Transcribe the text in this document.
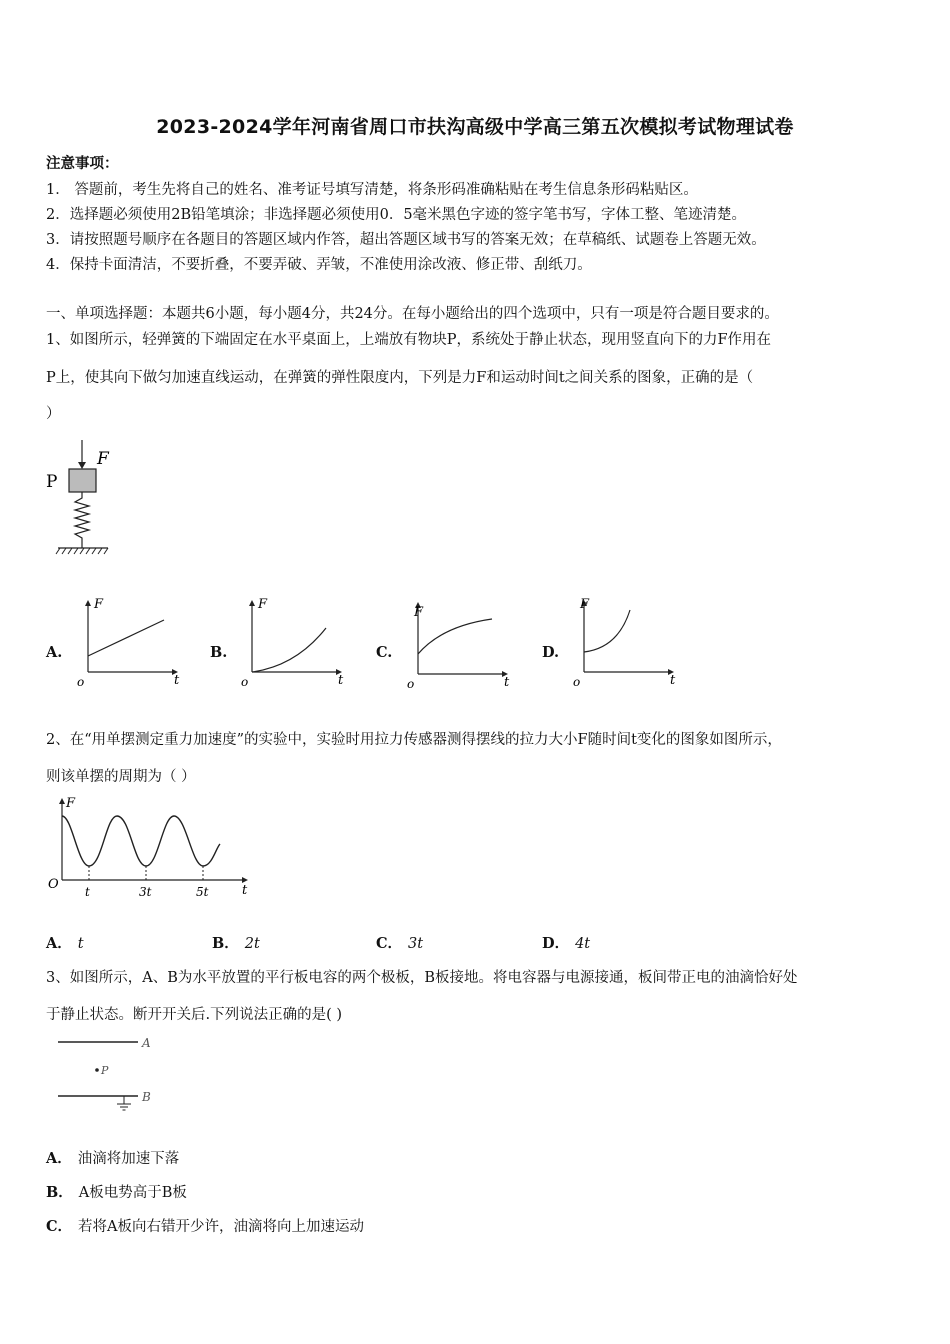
2023-2024学年河南省周口市扶沟高级中学高三第五次模拟考试物理试卷
注意事项：
1． 答题前，考生先将自己的姓名、准考证号填写清楚，将条形码准确粘贴在考生信息条形码粘贴区。
2．选择题必须使用2B铅笔填涂；非选择题必须使用0．5毫米黑色字迹的签字笔书写，字体工整、笔迹清楚。
3．请按照题号顺序在各题目的答题区域内作答，超出答题区域书写的答案无效；在草稿纸、试题卷上答题无效。
4．保持卡面清洁，不要折叠，不要弄破、弄皱，不准使用涂改液、修正带、刮纸刀。
一、单项选择题：本题共6小题，每小题4分，共24分。在每小题给出的四个选项中，只有一项是符合题目要求的。
1、如图所示，轻弹簧的下端固定在水平桌面上，上端放有物块P，系统处于静止状态，现用竖直向下的力F作用在
P上，使其向下做匀加速直线运动，在弹簧的弹性限度内，下列是力F和运动时间t之间关系的图象，正确的是（
）
P
F
A.
F
t
o
B.
F
t
o
C.
F
t
o
D.
F
t
o
2、在“用单摆测定重力加速度”的实验中，实验时用拉力传感器测得摆线的拉力大小F随时间t变化的图象如图所示，
则该单摆的周期为（ ）
F
t
O t	3t	5t
A． t	B． 2t	C． 3t	D． 4t
3、如图所示，A、B为水平放置的平行板电容的两个极板，B板接地。将电容器与电源接通，板间带正电的油滴恰好处
于静止状态。断开开关后.下列说法正确的是( )
A
B
P
A． 油滴将加速下落
B． A板电势高于B板
C． 若将A板向右错开少许，油滴将向上加速运动
